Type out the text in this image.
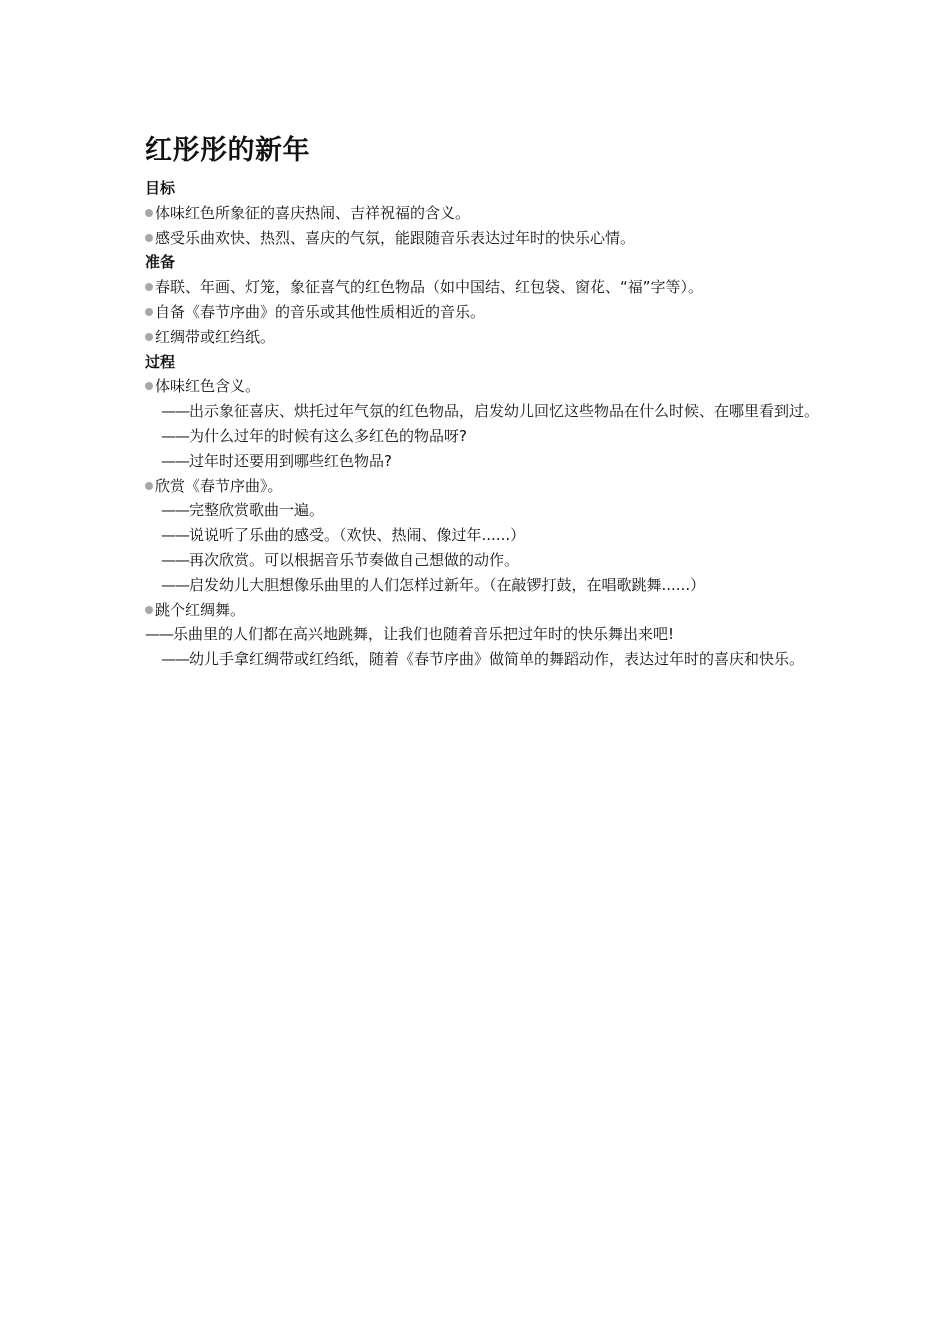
红彤彤的新年
目标
体味红色所象征的喜庆热闹、吉祥祝福的含义。
感受乐曲欢快、热烈、喜庆的气氛，能跟随音乐表达过年时的快乐心情。
准备
春联、年画、灯笼，象征喜气的红色物品（如中国结、红包袋、窗花、“福”字等）。
自备《春节序曲》的音乐或其他性质相近的音乐。
红绸带或红绉纸。
过程
体味红色含义。
—— 出示象征喜庆、烘托过年气氛的红色物品，启发幼儿回忆这些物品在什么时候、在哪里看到过。
—— 为什么过年的时候有这么多红色的物品呀?
—— 过年时还要用到哪些红色物品?
欣赏《春节序曲》。
—— 完整欣赏歌曲一遍。
—— 说说听了乐曲的感受。（欢快、热闹、像过年......）
—— 再次欣赏。可以根据音乐节奏做自己想做的动作。
—— 启发幼儿大胆想像乐曲里的人们怎样过新年。（在敲锣打鼓，在唱歌跳舞......）
跳个红绸舞。
—— 乐曲里的人们都在高兴地跳舞，让我们也随着音乐把过年时的快乐舞出来吧!
—— 幼儿手拿红绸带或红绉纸，随着《春节序曲》做简单的舞蹈动作，表达过年时的喜庆和快乐。
